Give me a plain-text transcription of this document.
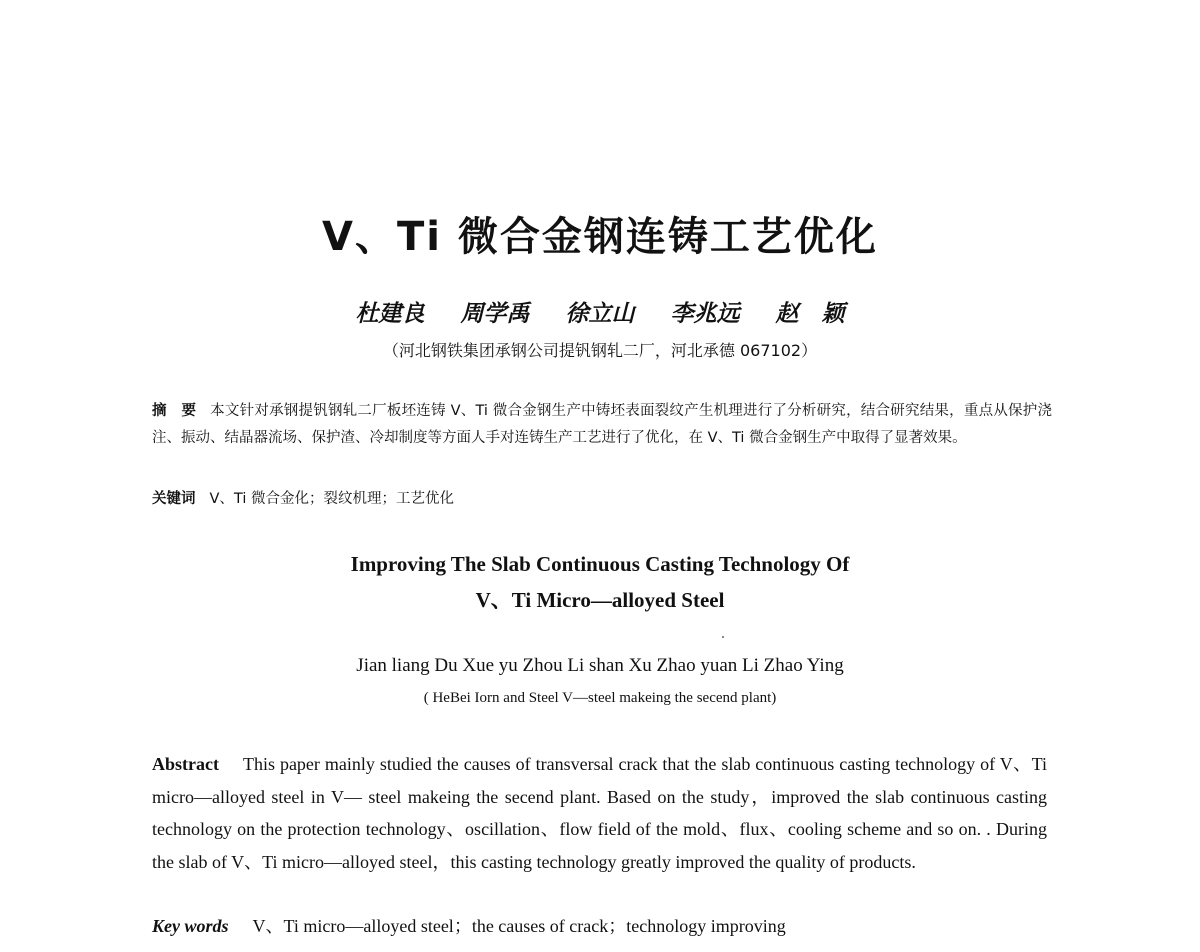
V、Ti 微合金钢连铸工艺优化
杜建良 周学禹 徐立山 李兆远 赵　颖
（河北钢铁集团承钢公司提钒钢轧二厂，河北承德 067102）
摘　要 本文针对承钢提钒钢轧二厂板坯连铸 V、Ti 微合金钢生产中铸坯表面裂纹产生机理进行了分析研究，结合研究结果，重点从保护浇注、振动、结晶器流场、保护渣、冷却制度等方面人手对连铸生产工艺进行了优化，在 V、Ti 微合金钢生产中取得了显著效果。
关键词 V、Ti 微合金化；裂纹机理；工艺优化
Improving The Slab Continuous Casting Technology Of
V、Ti Micro—alloyed Steel
Jian liang Du Xue yu Zhou Li shan Xu Zhao yuan Li Zhao Ying
( HeBei Iorn and Steel V—steel makeing the secend plant)
Abstract This paper mainly studied the causes of transversal crack that the slab continuous casting technology of V、Ti micro—alloyed steel in V— steel makeing the secend plant. Based on the study，improved the slab continuous casting technology on the protection technology、oscillation、flow field of the mold、flux、cooling scheme and so on. . During the slab of V、Ti micro—alloyed steel，this casting technology greatly improved the quality of products.
Key words V、Ti micro—alloyed steel；the causes of crack；technology improving
